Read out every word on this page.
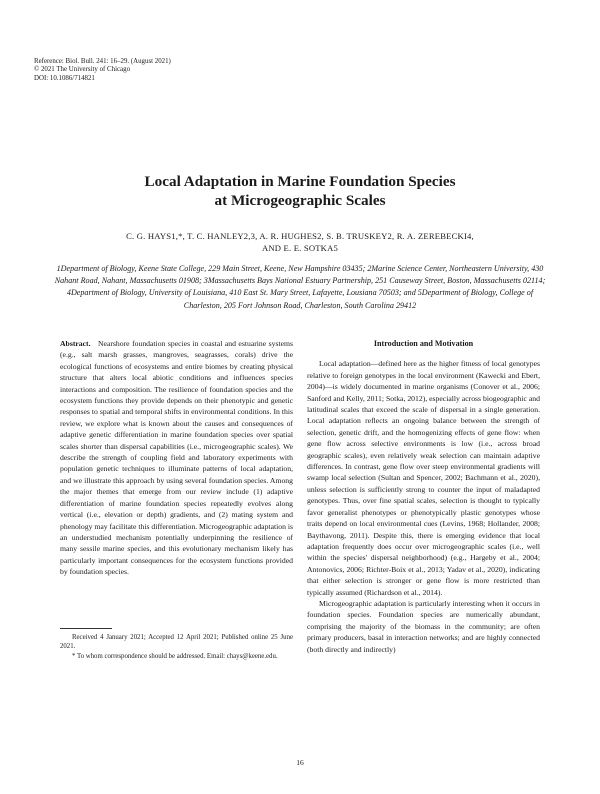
Reference: Biol. Bull. 241: 16–29. (August 2021)
© 2021 The University of Chicago
DOI: 10.1086/714821
Local Adaptation in Marine Foundation Species
at Microgeographic Scales
C. G. HAYS1,*, T. C. HANLEY2,3, A. R. HUGHES2, S. B. TRUSKEY2, R. A. ZEREBECKI4,
AND E. E. SOTKA5
1Department of Biology, Keene State College, 229 Main Street, Keene, New Hampshire 03435; 2Marine Science Center, Northeastern University, 430 Nahant Road, Nahant, Massachusetts 01908; 3Massachusetts Bays National Estuary Partnership, 251 Causeway Street, Boston, Massachusetts 02114; 4Department of Biology, University of Louisiana, 410 East St. Mary Street, Lafayette, Lousiana 70503; and 5Department of Biology, College of Charleston, 205 Fort Johnson Road, Charleston, South Carolina 29412

Abstract. Nearshore foundation species in coastal and estuarine systems (e.g., salt marsh grasses, mangroves, seagrasses, corals) drive the ecological functions of ecosystems and entire biomes by creating physical structure that alters local abiotic conditions and influences species interactions and composition. The resilience of foundation species and the ecosystem functions they provide depends on their phenotypic and genetic responses to spatial and temporal shifts in environmental conditions. In this review, we explore what is known about the causes and consequences of adaptive genetic differentiation in marine foundation species over spatial scales shorter than dispersal capabilities (i.e., microgeographic scales). We describe the strength of coupling field and laboratory experiments with population genetic techniques to illuminate patterns of local adaptation, and we illustrate this approach by using several foundation species. Among the major themes that emerge from our review include (1) adaptive differentiation of marine foundation species repeatedly evolves along vertical (i.e., elevation or depth) gradients, and (2) mating system and phenology may facilitate this differentiation. Microgeographic adaptation is an understudied mechanism potentially underpinning the resilience of many sessile marine species, and this evolutionary mechanism likely has particularly important consequences for the ecosystem functions provided by foundation species.

Received 4 January 2021; Accepted 12 April 2021; Published online 25 June 2021.

* To whom correspondence should be addressed. Email: chays@keene.edu.

Introduction and Motivation

Local adaptation—defined here as the higher fitness of local genotypes relative to foreign genotypes in the local environment (Kawecki and Ebert, 2004)—is widely documented in marine organisms (Conover et al., 2006; Sanford and Kelly, 2011; Sotka, 2012), especially across biogeographic and latitudinal scales that exceed the scale of dispersal in a single generation. Local adaptation reflects an ongoing balance between the strength of selection, genetic drift, and the homogenizing effects of gene flow: when gene flow across selective environments is low (i.e., across broad geographic scales), even relatively weak selection can maintain adaptive differences. In contrast, gene flow over steep environmental gradients will swamp local selection (Sultan and Spencer, 2002; Bachmann et al., 2020), unless selection is sufficiently strong to counter the input of maladapted genotypes. Thus, over fine spatial scales, selection is thought to typically favor generalist phenotypes or phenotypically plastic genotypes whose traits depend on local environmental cues (Levins, 1968; Hollander, 2008; Baythavong, 2011). Despite this, there is emerging evidence that local adaptation frequently does occur over microgeographic scales (i.e., well within the species' dispersal neighborhood) (e.g., Hargeby et al., 2004; Antonovics, 2006; Richter-Boix et al., 2013; Yadav et al., 2020), indicating that either selection is stronger or gene flow is more restricted than typically assumed (Richardson et al., 2014).

Microgeographic adaptation is particularly interesting when it occurs in foundation species. Foundation species are numerically abundant, comprising the majority of the biomass in the community; are often primary producers, basal in interaction networks; and are highly connected (both directly and indirectly)

16
